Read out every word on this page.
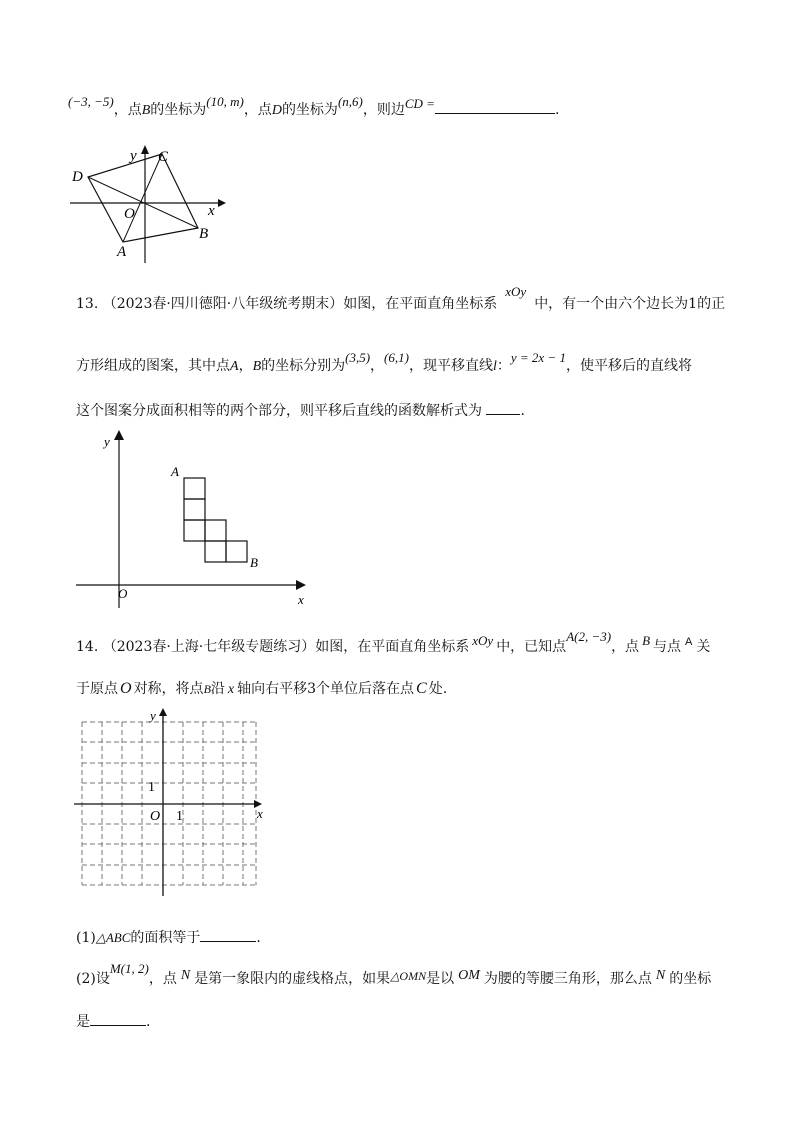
(−3, −5)，点B的坐标为(10, m)，点D的坐标为(n,6)，则边CD =	.
y
x
O
C
D
A
B
13. （2023春·四川德阳·八年级统考期末）如图，在平面直角坐标系xOy中，有一个由六个边长为1的正
方形组成的图案，其中点A，B的坐标分别为(3,5)，(6,1)，现平移直线l：y = 2x − 1，使平移后的直线将
这个图案分成面积相等的两个部分，则平移后直线的函数解析式为	.
y
x
O
A
B
14. （2023春·上海·七年级专题练习）如图，在平面直角坐标系 xOy 中，已知点A(2, −3)，点 B 与点 $^A$ 关
于原点 O 对称，将点B沿 x 轴向右平移3个单位后落在点 C 处.
y
x
O 1
1
(1)△ABC的面积等于	.
(2)设M(1, 2)，点 N 是第一象限内的虚线格点，如果△OMN是以 OM 为腰的等腰三角形，那么点 N 的坐标
是	.
